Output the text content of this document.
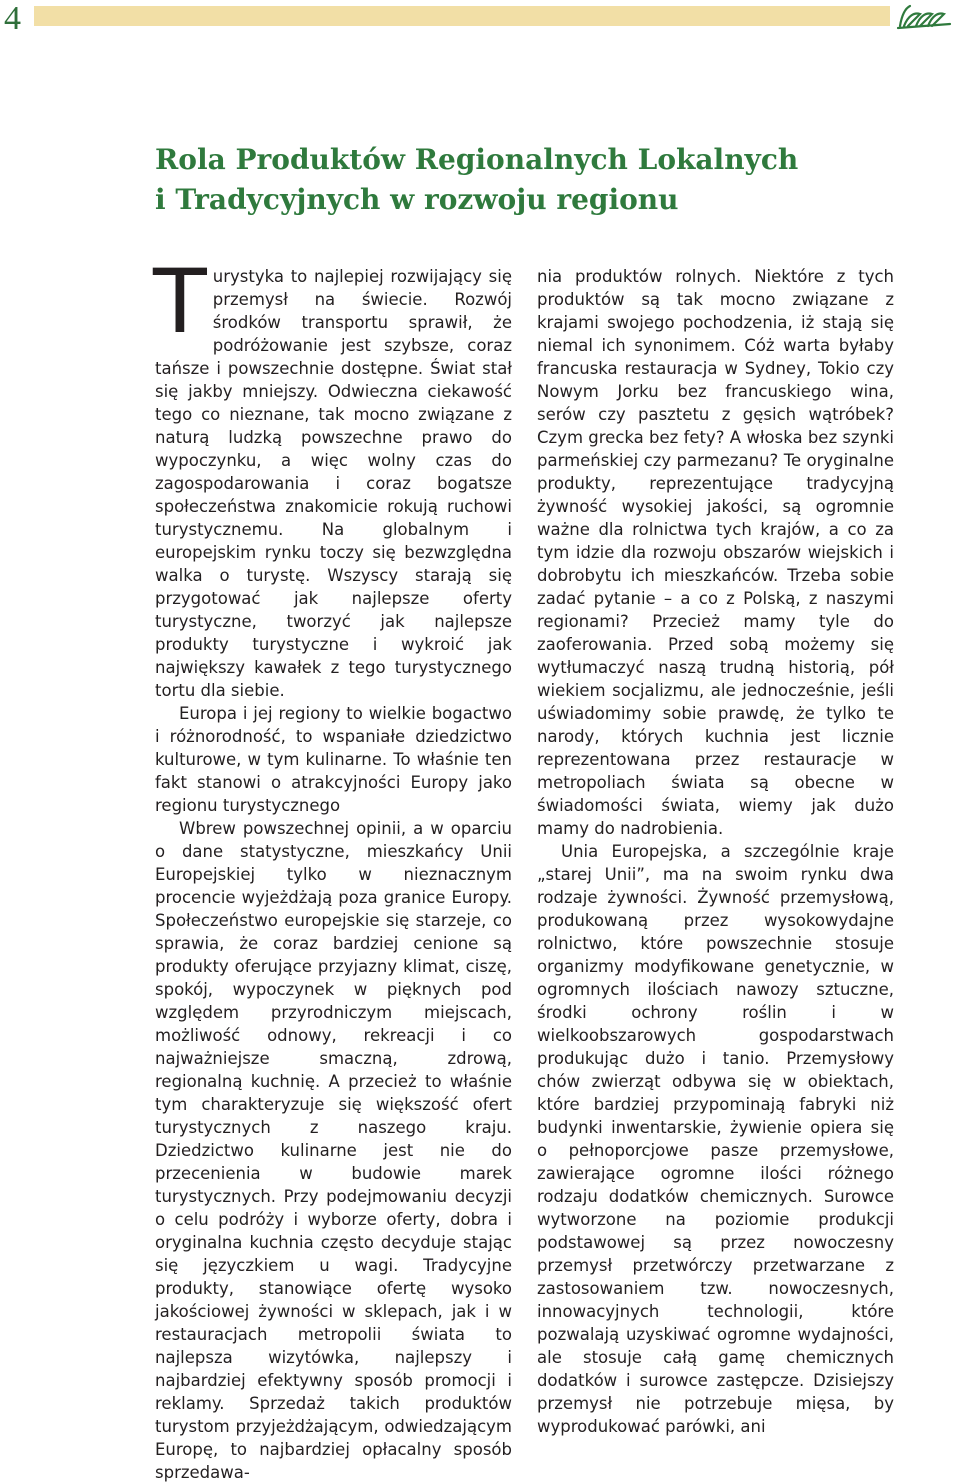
4
Rola Produktów Regionalnych Lokalnych
i Tradycyjnych w rozwoju regionu

Turystyka to najlepiej rozwijający się przemysł na świecie. Rozwój środków transportu sprawił, że podróżowanie jest szybsze, coraz tańsze i powszechnie dostępne. Świat stał się jakby mniejszy. Odwieczna ciekawość tego co nieznane, tak mocno związane z naturą ludzką powszechne prawo do wypoczynku, a więc wolny czas do zagospodarowania i coraz bogatsze społeczeństwa znakomicie rokują ruchowi turystycznemu. Na globalnym i europejskim rynku toczy się bezwzględna walka o turystę. Wszyscy starają się przygotować jak najlepsze oferty turystyczne, tworzyć jak najlepsze produkty turystyczne i wykroić jak największy kawałek z tego turystycznego tortu dla siebie.

Europa i jej regiony to wielkie bogactwo i różnorodność, to wspaniałe dziedzictwo kulturowe, w tym kulinarne. To właśnie ten fakt stanowi o atrakcyjności Europy jako regionu turystycznego

Wbrew powszechnej opinii, a w oparciu o dane statystyczne, mieszkańcy Unii Europejskiej tylko w nieznacznym procencie wyjeżdżają poza granice Europy. Społeczeństwo europejskie się starzeje, co sprawia, że coraz bardziej cenione są produkty oferujące przyjazny klimat, ciszę, spokój, wypoczynek w pięknych pod względem przyrodniczym miejscach, możliwość odnowy, rekreacji i co najważniejsze smaczną, zdrową, regionalną kuchnię. A przecież to właśnie tym charakteryzuje się większość ofert turystycznych z naszego kraju. Dziedzictwo kulinarne jest nie do przecenienia w budowie marek turystycznych. Przy podejmowaniu decyzji o celu podróży i wyborze oferty, dobra i oryginalna kuchnia często decyduje stając się języczkiem u wagi. Tradycyjne produkty, stanowiące ofertę wysoko jakościowej żywności w sklepach, jak i w restauracjach metropolii świata to najlepsza wizytówka, najlepszy i najbardziej efektywny sposób promocji i reklamy. Sprzedaż takich produktów turystom przyjeżdżającym, odwiedzającym Europę, to najbardziej opłacalny sposób sprzedawa-

nia produktów rolnych. Niektóre z tych produktów są tak mocno związane z krajami swojego pochodzenia, iż stają się niemal ich synonimem. Cóż warta byłaby francuska restauracja w Sydney, Tokio czy Nowym Jorku bez francuskiego wina, serów czy pasztetu z gęsich wątróbek? Czym grecka bez fety? A włoska bez szynki parmeńskiej czy parmezanu? Te oryginalne produkty, reprezentujące tradycyjną żywność wysokiej jakości, są ogromnie ważne dla rolnictwa tych krajów, a co za tym idzie dla rozwoju obszarów wiejskich i dobrobytu ich mieszkańców. Trzeba sobie zadać pytanie – a co z Polską, z naszymi regionami? Przecież mamy tyle do zaoferowania. Przed sobą możemy się wytłumaczyć naszą trudną historią, pół wiekiem socjalizmu, ale jednocześnie, jeśli uświadomimy sobie prawdę, że tylko te narody, których kuchnia jest licznie reprezentowana przez restauracje w metropoliach świata są obecne w świadomości świata, wiemy jak dużo mamy do nadrobienia.

Unia Europejska, a szczególnie kraje „starej Unii”, ma na swoim rynku dwa rodzaje żywności. Żywność przemysłową, produkowaną przez wysokowydajne rolnictwo, które powszechnie stosuje organizmy modyfikowane genetycznie, w ogromnych ilościach nawozy sztuczne, środki ochrony roślin i w wielkoobszarowych gospodarstwach produkując dużo i tanio. Przemysłowy chów zwierząt odbywa się w obiektach, które bardziej przypominają fabryki niż budynki inwentarskie, żywienie opiera się o pełnoporcjowe pasze przemysłowe, zawierające ogromne ilości różnego rodzaju dodatków chemicznych. Surowce wytworzone na poziomie produkcji podstawowej są przez nowoczesny przemysł przetwórczy przetwarzane z zastosowaniem tzw. nowoczesnych, innowacyjnych technologii, które pozwalają uzyskiwać ogromne wydajności, ale stosuje całą gamę chemicznych dodatków i surowce zastępcze. Dzisiejszy przemysł nie potrzebuje mięsa, by wyprodukować parówki, ani
